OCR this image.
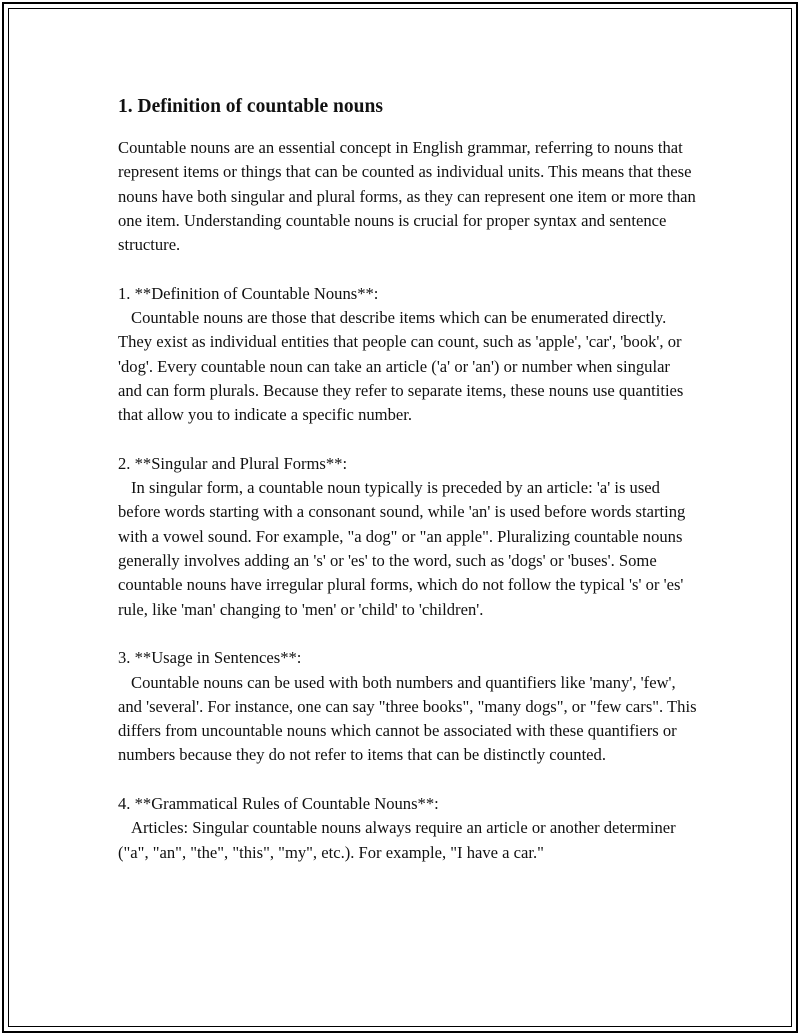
1. Definition of countable nouns

Countable nouns are an essential concept in English grammar, referring to nouns that represent items or things that can be counted as individual units. This means that these nouns have both singular and plural forms, as they can represent one item or more than one item. Understanding countable nouns is crucial for proper syntax and sentence structure.

1. **Definition of Countable Nouns**:
Countable nouns are those that describe items which can be enumerated directly. They exist as individual entities that people can count, such as 'apple', 'car', 'book', or 'dog'. Every countable noun can take an article ('a' or 'an') or number when singular and can form plurals. Because they refer to separate items, these nouns use quantities that allow you to indicate a specific number.

2. **Singular and Plural Forms**:
In singular form, a countable noun typically is preceded by an article: 'a' is used before words starting with a consonant sound, while 'an' is used before words starting with a vowel sound. For example, "a dog" or "an apple". Pluralizing countable nouns generally involves adding an 's' or 'es' to the word, such as 'dogs' or 'buses'. Some countable nouns have irregular plural forms, which do not follow the typical 's' or 'es' rule, like 'man' changing to 'men' or 'child' to 'children'.

3. **Usage in Sentences**:
Countable nouns can be used with both numbers and quantifiers like 'many', 'few', and 'several'. For instance, one can say "three books", "many dogs", or "few cars". This differs from uncountable nouns which cannot be associated with these quantifiers or numbers because they do not refer to items that can be distinctly counted.

4. **Grammatical Rules of Countable Nouns**:
Articles: Singular countable nouns always require an article or another determiner ("a", "an", "the", "this", "my", etc.). For example, "I have a car."
